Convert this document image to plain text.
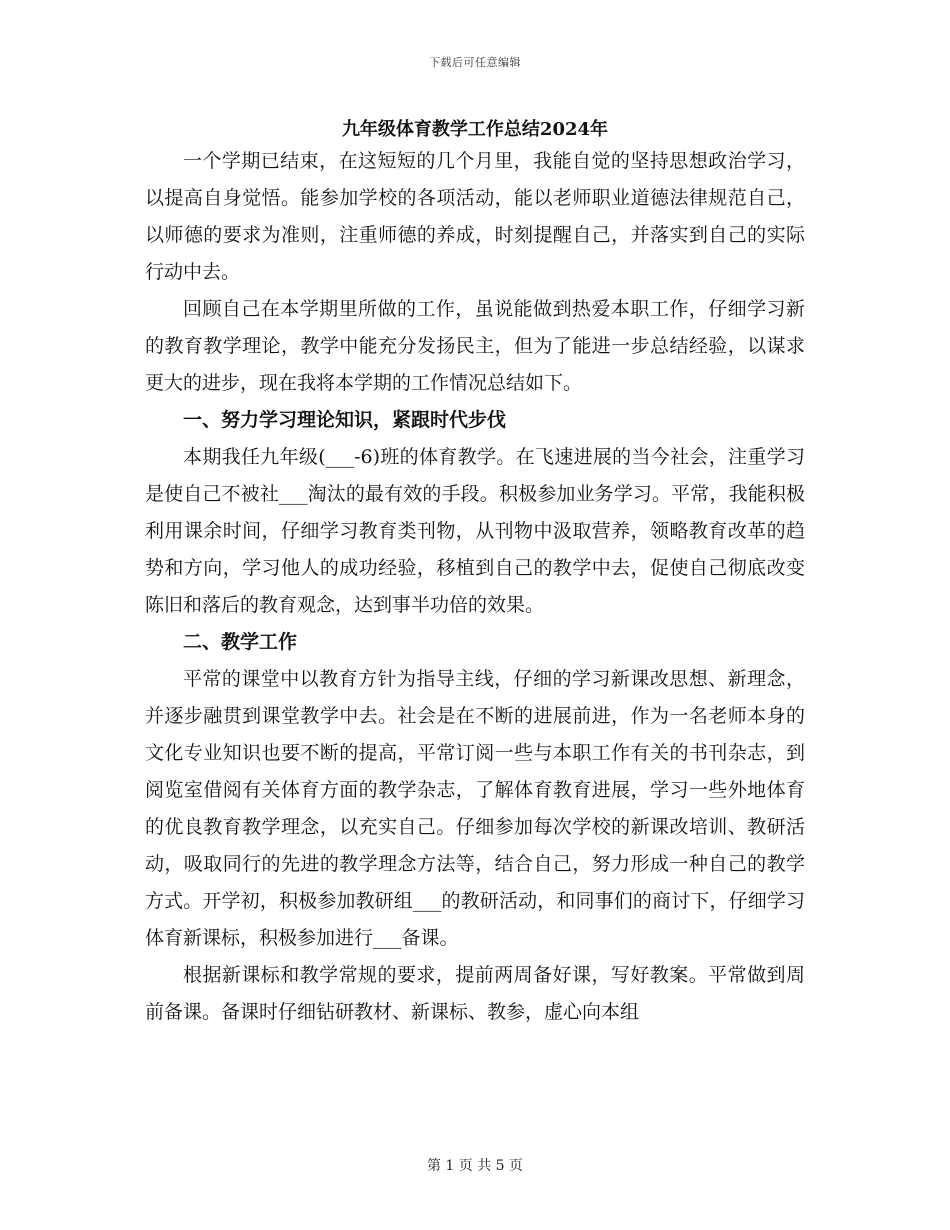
下载后可任意编辑
九年级体育教学工作总结2024年

一个学期已结束，在这短短的几个月里，我能自觉的坚持思想政治学习，以提高自身觉悟。能参加学校的各项活动，能以老师职业道德法律规范自己，以师德的要求为准则，注重师德的养成，时刻提醒自己，并落实到自己的实际行动中去。

回顾自己在本学期里所做的工作，虽说能做到热爱本职工作，仔细学习新的教育教学理论，教学中能充分发扬民主，但为了能进一步总结经验，以谋求更大的进步，现在我将本学期的工作情况总结如下。

一、努力学习理论知识，紧跟时代步伐

本期我任九年级(___-6)班的体育教学。在飞速进展的当今社会，注重学习是使自己不被社___淘汰的最有效的手段。积极参加业务学习。平常，我能积极利用课余时间，仔细学习教育类刊物，从刊物中汲取营养，领略教育改革的趋势和方向，学习他人的成功经验，移植到自己的教学中去，促使自己彻底改变陈旧和落后的教育观念，达到事半功倍的效果。

二、教学工作

平常的课堂中以教育方针为指导主线，仔细的学习新课改思想、新理念，并逐步融贯到课堂教学中去。社会是在不断的进展前进，作为一名老师本身的文化专业知识也要不断的提高，平常订阅一些与本职工作有关的书刊杂志，到阅览室借阅有关体育方面的教学杂志，了解体育教育进展，学习一些外地体育的优良教育教学理念，以充实自己。仔细参加每次学校的新课改培训、教研活动，吸取同行的先进的教学理念方法等，结合自己，努力形成一种自己的教学方式。开学初，积极参加教研组___的教研活动，和同事们的商讨下，仔细学习体育新课标，积极参加进行___备课。

根据新课标和教学常规的要求，提前两周备好课，写好教案。平常做到周前备课。备课时仔细钻研教材、新课标、教参，虚心向本组

第 1 页 共 5 页
